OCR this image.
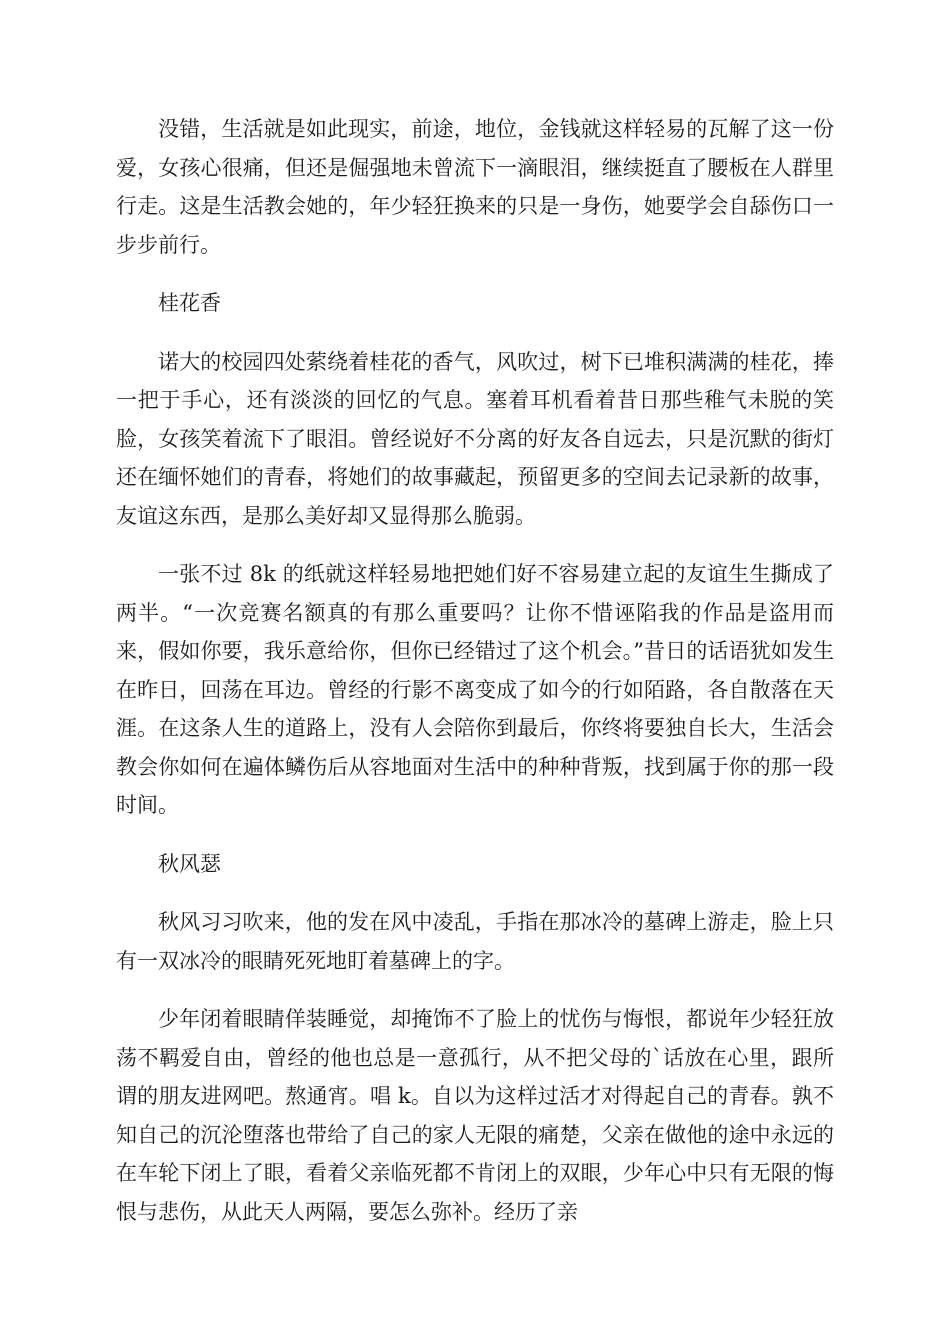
没错，生活就是如此现实，前途，地位，金钱就这样轻易的瓦解了这一份爱，女孩心很痛，但还是倔强地未曾流下一滴眼泪，继续挺直了腰板在人群里行走。这是生活教会她的，年少轻狂换来的只是一身伤，她要学会自舔伤口一步步前行。

桂花香

诺大的校园四处萦绕着桂花的香气，风吹过，树下已堆积满满的桂花，捧一把于手心，还有淡淡的回忆的气息。塞着耳机看着昔日那些稚气未脱的笑脸，女孩笑着流下了眼泪。曾经说好不分离的好友各自远去，只是沉默的街灯还在缅怀她们的青春，将她们的故事藏起，预留更多的空间去记录新的故事，友谊这东西，是那么美好却又显得那么脆弱。

一张不过 8k 的纸就这样轻易地把她们好不容易建立起的友谊生生撕成了两半。“一次竞赛名额真的有那么重要吗？让你不惜诬陷我的作品是盗用而来，假如你要，我乐意给你，但你已经错过了这个机会。”昔日的话语犹如发生在昨日，回荡在耳边。曾经的行影不离变成了如今的行如陌路，各自散落在天涯。在这条人生的道路上，没有人会陪你到最后，你终将要独自长大，生活会教会你如何在遍体鳞伤后从容地面对生活中的种种背叛，找到属于你的那一段时间。

秋风瑟

秋风习习吹来，他的发在风中凌乱，手指在那冰冷的墓碑上游走，脸上只有一双冰冷的眼睛死死地盯着墓碑上的字。

少年闭着眼睛佯装睡觉，却掩饰不了脸上的忧伤与悔恨，都说年少轻狂放荡不羁爱自由，曾经的他也总是一意孤行，从不把父母的`话放在心里，跟所谓的朋友进网吧。熬通宵。唱 k。自以为这样过活才对得起自己的青春。孰不知自己的沉沦堕落也带给了自己的家人无限的痛楚，父亲在做他的途中永远的在车轮下闭上了眼，看着父亲临死都不肯闭上的双眼，少年心中只有无限的悔恨与悲伤，从此天人两隔，要怎么弥补。经历了亲
